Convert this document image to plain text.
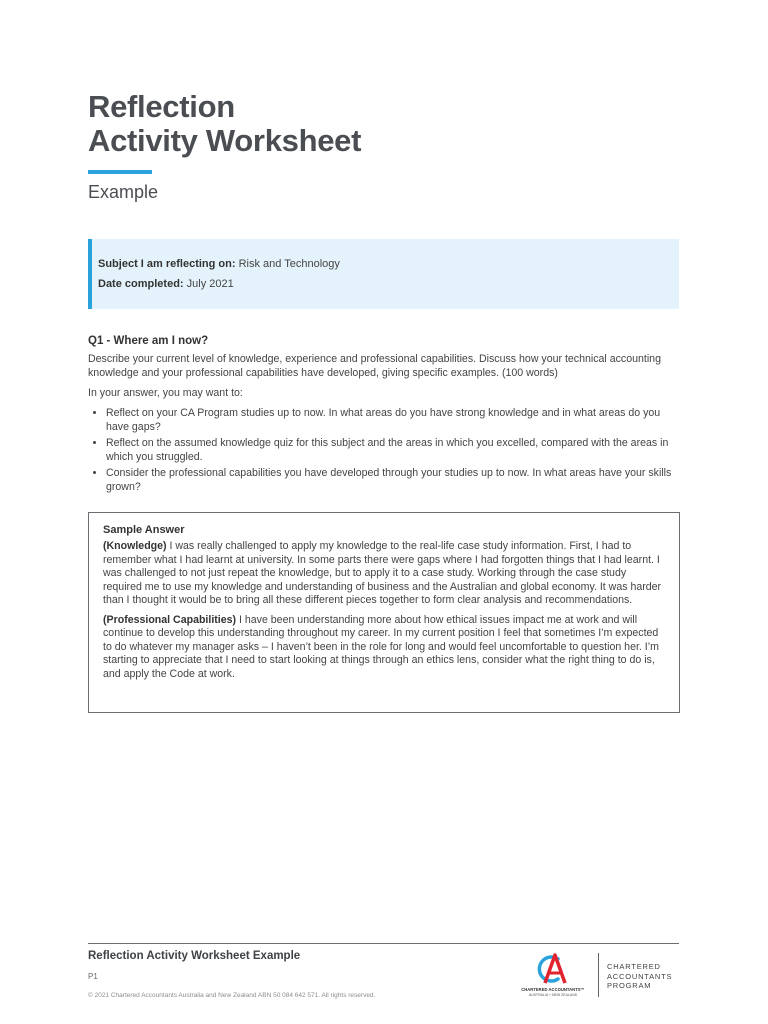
Reflection
Activity Worksheet
Example
Subject I am reflecting on: Risk and Technology
Date completed: July 2021
Q1 - Where am I now?
Describe your current level of knowledge, experience and professional capabilities. Discuss how your technical accounting knowledge and your professional capabilities have developed, giving specific examples. (100 words)
In your answer, you may want to:
• Reflect on your CA Program studies up to now. In what areas do you have strong knowledge and in what areas do you have gaps?
• Reflect on the assumed knowledge quiz for this subject and the areas in which you excelled, compared with the areas in which you struggled.
• Consider the professional capabilities you have developed through your studies up to now. In what areas have your skills grown?
Sample Answer

(Knowledge) I was really challenged to apply my knowledge to the real-life case study information. First, I had to remember what I had learnt at university. In some parts there were gaps where I had forgotten things that I had learnt. I was challenged to not just repeat the knowledge, but to apply it to a case study. Working through the case study required me to use my knowledge and understanding of business and the Australian and global economy. It was harder than I thought it would be to bring all these different pieces together to form clear analysis and recommendations.

(Professional Capabilities) I have been understanding more about how ethical issues impact me at work and will continue to develop this understanding throughout my career. In my current position I feel that sometimes I’m expected to do whatever my manager asks – I haven’t been in the role for long and would feel uncomfortable to question her. I’m starting to appreciate that I need to start looking at things through an ethics lens, consider what the right thing to do is, and apply the Code at work.

Reflection Activity Worksheet Example
P1
© 2021 Chartered Accountants Australia and New Zealand ABN 50 084 642 571. All rights reserved.
CHARTERED ACCOUNTANTS™
AUSTRALIA + NEW ZEALAND
CHARTERED
ACCOUNTANTS
PROGRAM
